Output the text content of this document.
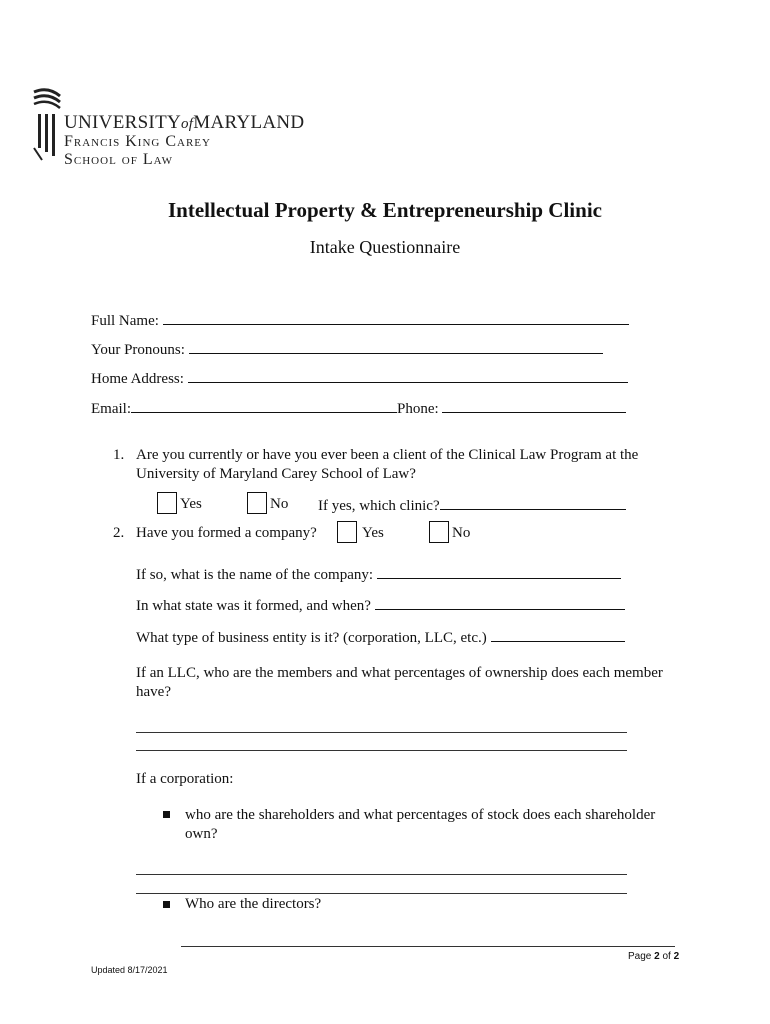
UNIVERSITYofMARYLAND
Francis King Carey
School of Law
Intellectual Property & Entrepreneurship Clinic
Intake Questionnaire
Full Name:
Your Pronouns:
Home Address:
Email:	Phone:
1. Are you currently or have you ever been a client of the Clinical Law Program at the
University of Maryland Carey School of Law?
Yes	No If yes, which clinic?
2. Have you formed a company?	Yes	No
If so, what is the name of the company:
In what state was it formed, and when?
What type of business entity is it? (corporation, LLC, etc.)
If an LLC, who are the members and what percentages of ownership does each member
have?
If a corporation:
who are the shareholders and what percentages of stock does each shareholder
own?
Who are the directors?
Page 2 of 2
Updated 8/17/2021
